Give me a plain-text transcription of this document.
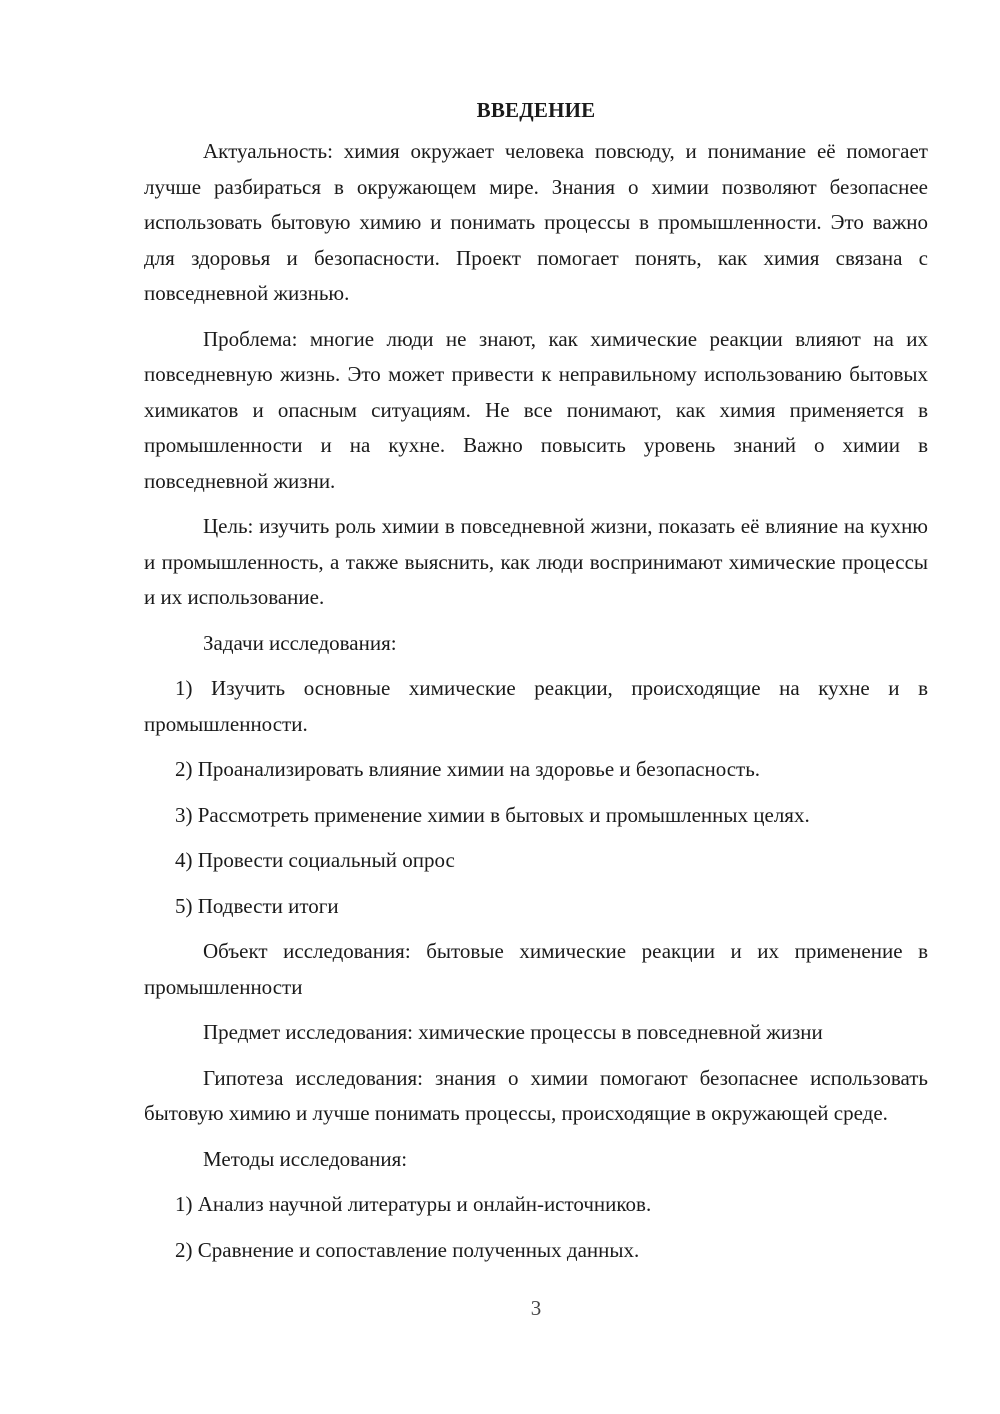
ВВЕДЕНИЕ

Актуальность: химия окружает человека повсюду, и понимание её помогает лучше разбираться в окружающем мире. Знания о химии позволяют безопаснее использовать бытовую химию и понимать процессы в промышленности. Это важно для здоровья и безопасности. Проект помогает понять, как химия связана с повседневной жизнью.

Проблема: многие люди не знают, как химические реакции влияют на их повседневную жизнь. Это может привести к неправильному использованию бытовых химикатов и опасным ситуациям. Не все понимают, как химия применяется в промышленности и на кухне. Важно повысить уровень знаний о химии в повседневной жизни.

Цель: изучить роль химии в повседневной жизни, показать её влияние на кухню и промышленность, а также выяснить, как люди воспринимают химические процессы и их использование.

Задачи исследования:

1) Изучить основные химические реакции, происходящие на кухне и в промышленности.

2) Проанализировать влияние химии на здоровье и безопасность.

3) Рассмотреть применение химии в бытовых и промышленных целях.

4) Провести социальный опрос

5) Подвести итоги

Объект исследования: бытовые химические реакции и их применение в промышленности

Предмет исследования: химические процессы в повседневной жизни

Гипотеза исследования: знания о химии помогают безопаснее использовать бытовую химию и лучше понимать процессы, происходящие в окружающей среде.

Методы исследования:

1) Анализ научной литературы и онлайн-источников.

2) Сравнение и сопоставление полученных данных.

3
